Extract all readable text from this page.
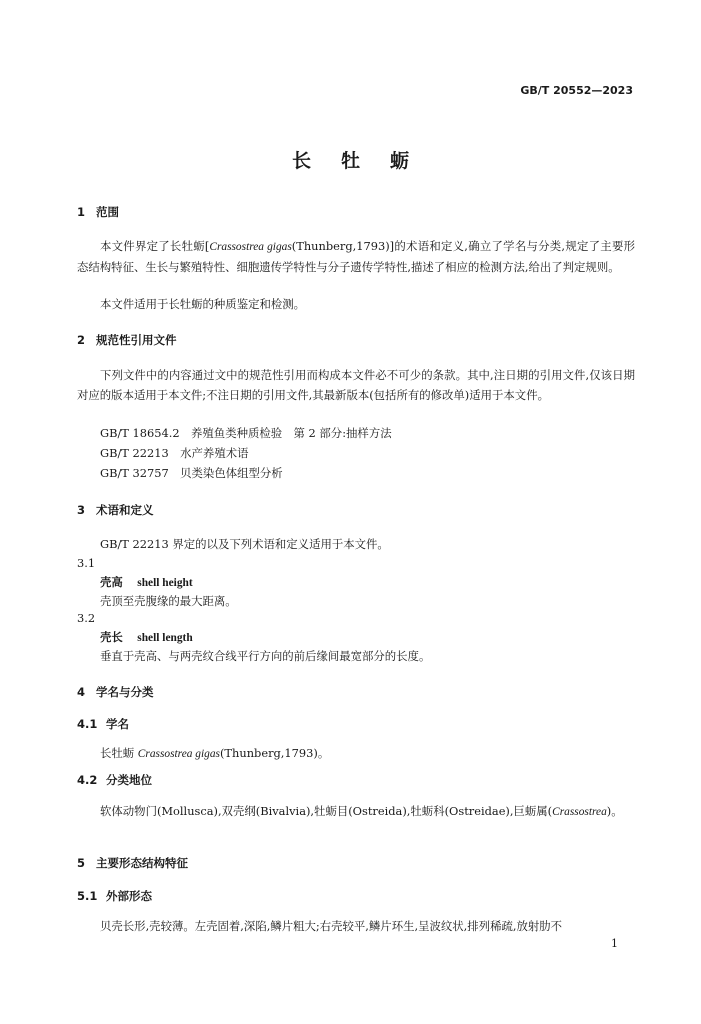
GB/T 20552—2023
长牡蛎
1 范围
本文件界定了长牡蛎[Crassostrea gigas(Thunberg,1793)]的术语和定义,确立了学名与分类,规定了主要形态结构特征、生长与繁殖特性、细胞遗传学特性与分子遗传学特性,描述了相应的检测方法,给出了判定规则。
本文件适用于长牡蛎的种质鉴定和检测。
2 规范性引用文件
下列文件中的内容通过文中的规范性引用而构成本文件必不可少的条款。其中,注日期的引用文件,仅该日期对应的版本适用于本文件;不注日期的引用文件,其最新版本(包括所有的修改单)适用于本文件。
GB/T 18654.2　养殖鱼类种质检验　第 2 部分:抽样方法
GB/T 22213　水产养殖术语
GB/T 32757　贝类染色体组型分析
3 术语和定义
GB/T 22213 界定的以及下列术语和定义适用于本文件。
3.1
壳高 shell height
壳顶至壳腹缘的最大距离。
3.2
壳长 shell length
垂直于壳高、与两壳纹合线平行方向的前后缘间最宽部分的长度。
4 学名与分类
4.1 学名
长牡蛎 Crassostrea gigas(Thunberg,1793)。
4.2 分类地位
软体动物门(Mollusca),双壳纲(Bivalvia),牡蛎目(Ostreida),牡蛎科(Ostreidae),巨蛎属(Crassostrea)。
5 主要形态结构特征
5.1 外部形态
贝壳长形,壳较薄。左壳固着,深陷,鳞片粗大;右壳较平,鳞片环生,呈波纹状,排列稀疏,放射肋不
1
